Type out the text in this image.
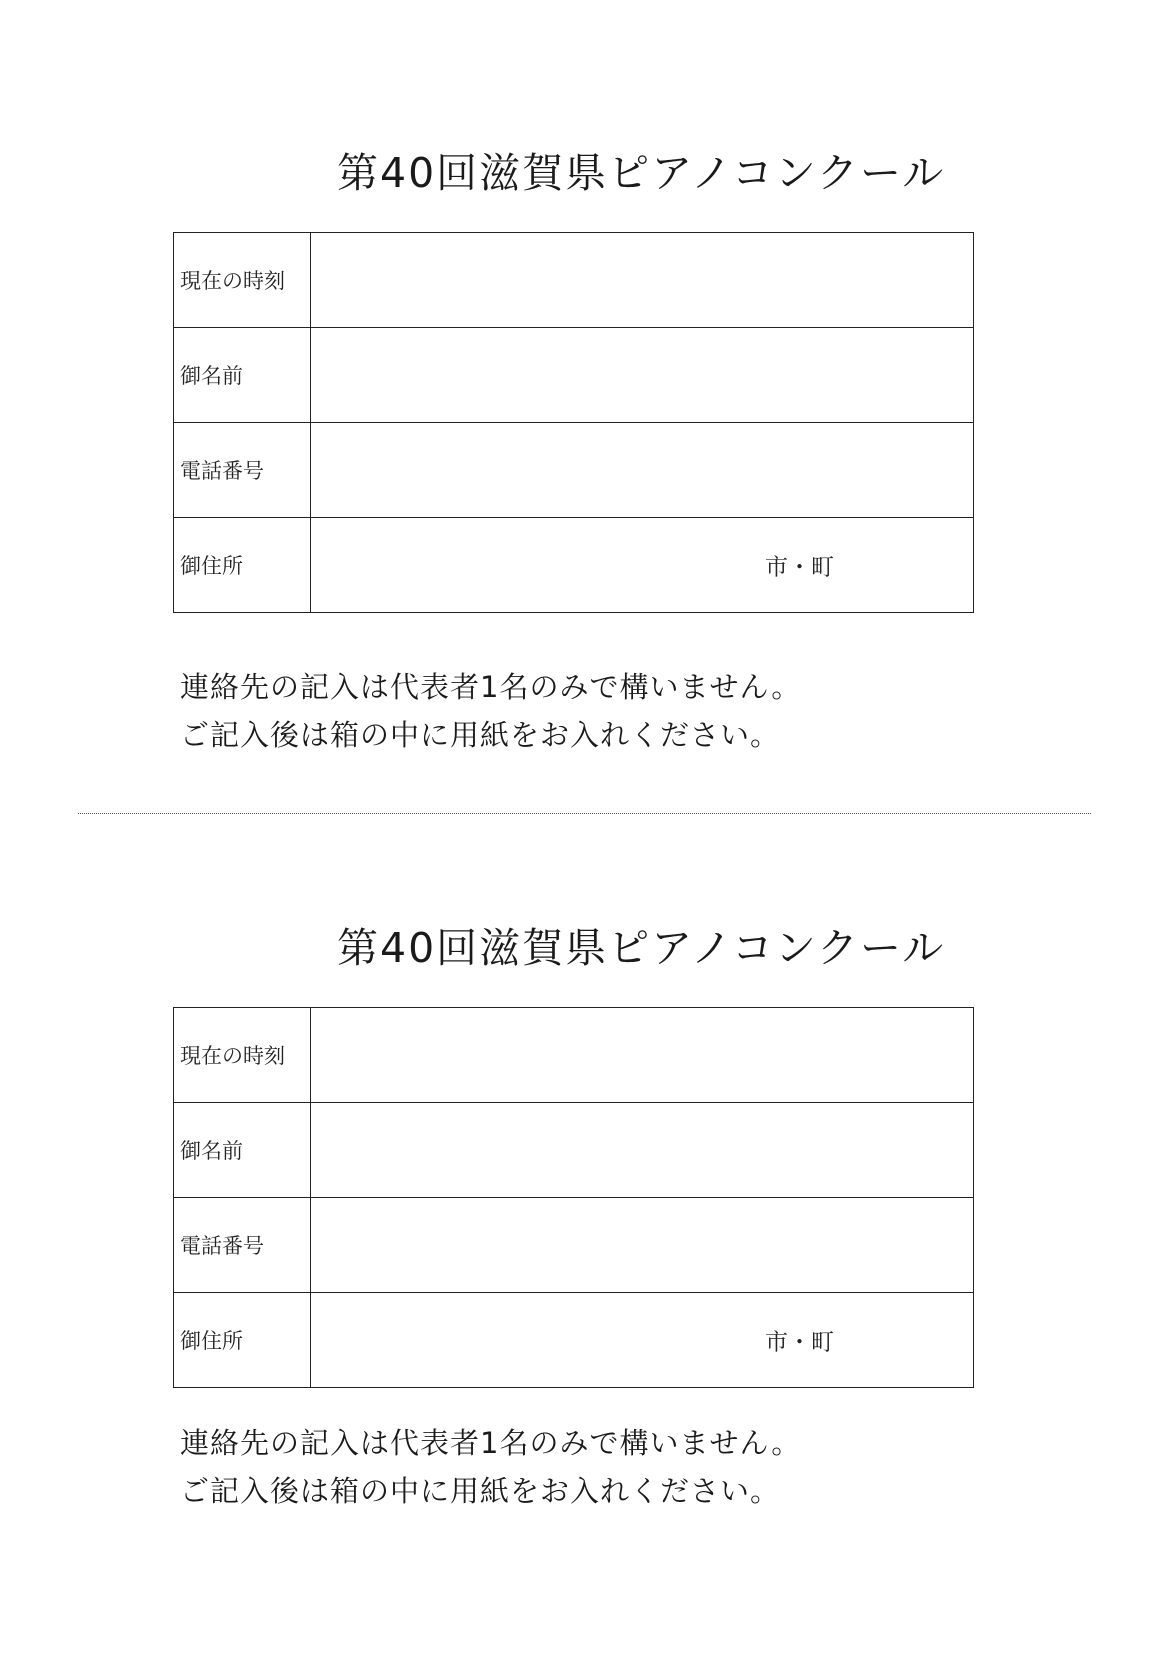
第40回滋賀県ピアノコンクール
現在の時刻	
御名前	
電話番号	
御住所	市・町
連絡先の記入は代表者1名のみで構いません。
ご記入後は箱の中に用紙をお入れください。
第40回滋賀県ピアノコンクール
現在の時刻	
御名前	
電話番号	
御住所	市・町
連絡先の記入は代表者1名のみで構いません。
ご記入後は箱の中に用紙をお入れください。
